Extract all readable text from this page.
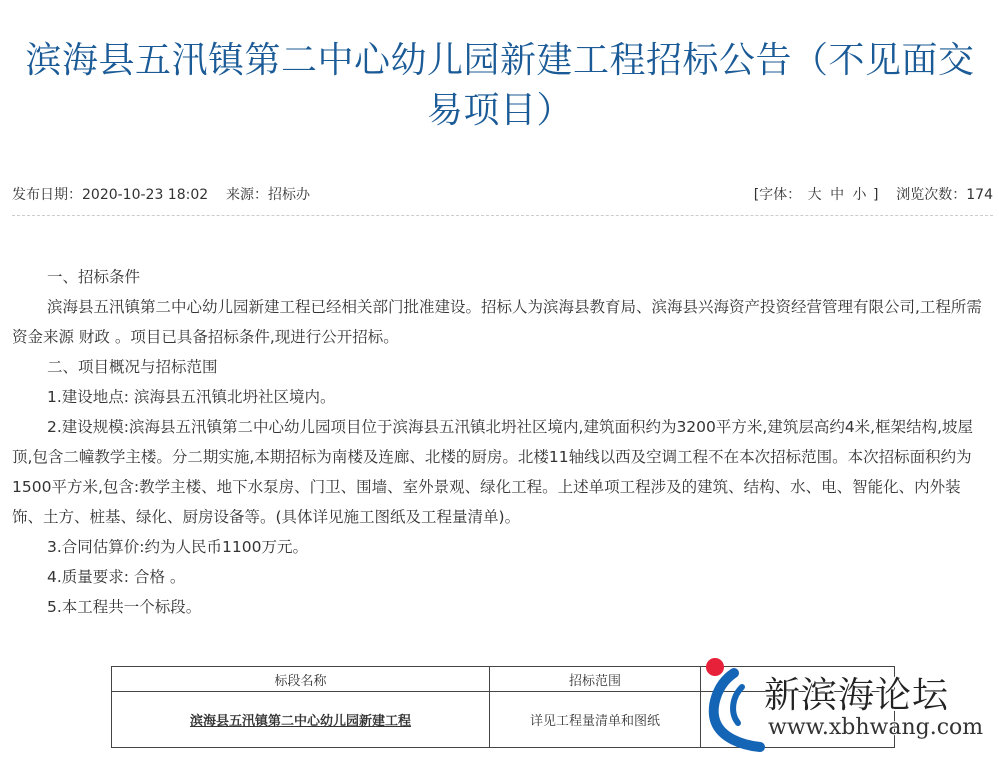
滨海县五汛镇第二中心幼儿园新建工程招标公告（不见面交易项目）
发布日期：2020-10-23 18:02 来源：招标办	[字体： 大 中 小 ] 浏览次数：174

一、招标条件

滨海县五汛镇第二中心幼儿园新建工程已经相关部门批准建设。招标人为滨海县教育局、滨海县兴海资产投资经营管理有限公司,工程所需资金来源 财政 。项目已具备招标条件,现进行公开招标。

二、项目概况与招标范围

1.建设地点: 滨海县五汛镇北坍社区境内。

2.建设规模:滨海县五汛镇第二中心幼儿园项目位于滨海县五汛镇北坍社区境内,建筑面积约为3200平方米,建筑层高约4米,框架结构,坡屋顶,包含二幢教学主楼。分二期实施,本期招标为南楼及连廊、北楼的厨房。北楼11轴线以西及空调工程不在本次招标范围。本次招标面积约为1500平方米,包含:教学主楼、地下水泵房、门卫、围墙、室外景观、绿化工程。上述单项工程涉及的建筑、结构、水、电、智能化、内外装饰、土方、桩基、绿化、厨房设备等。(具体详见施工图纸及工程量清单)。

3.合同估算价:约为人民币1100万元。

4.质量要求: 合格 。

5.本工程共一个标段。

标段名称	招标范围	
滨海县五汛镇第二中心幼儿园新建工程	详见工程量清单和图纸	
新滨海论坛
www.xbhwang.com
